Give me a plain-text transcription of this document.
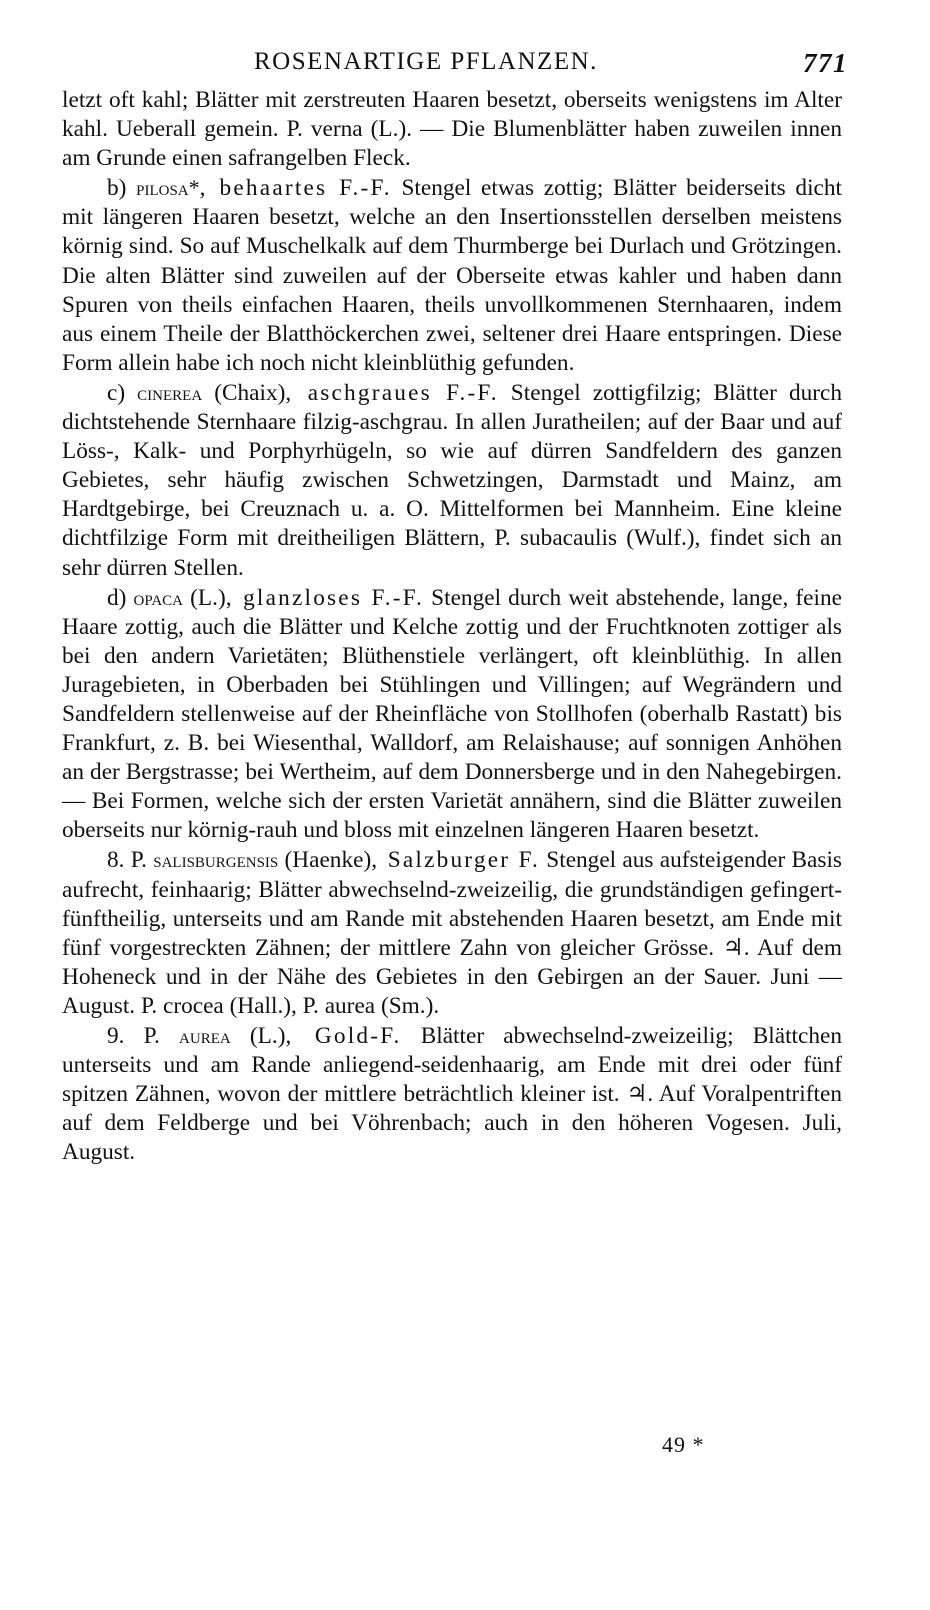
ROSENARTIGE PFLANZEN.	771

letzt oft kahl; Blätter mit zerstreuten Haaren besetzt, oberseits wenigstens im Alter kahl. Ueberall gemein. P. verna (L.). — Die Blumenblätter haben zuweilen innen am Grunde einen safrangelben Fleck.

b) pilosa*, behaartes F.-F. Stengel etwas zottig; Blätter beiderseits dicht mit längeren Haaren besetzt, welche an den Insertionsstellen derselben meistens körnig sind. So auf Muschelkalk auf dem Thurmberge bei Durlach und Grötzingen. Die alten Blätter sind zuweilen auf der Oberseite etwas kahler und haben dann Spuren von theils einfachen Haaren, theils unvollkommenen Sternhaaren, indem aus einem Theile der Blatthöckerchen zwei, seltener drei Haare entspringen. Diese Form allein habe ich noch nicht kleinblüthig gefunden.

c) cinerea (Chaix), aschgraues F.-F. Stengel zottigfilzig; Blätter durch dichtstehende Sternhaare filzig-aschgrau. In allen Juratheilen; auf der Baar und auf Löss-, Kalk- und Porphyrhügeln, so wie auf dürren Sandfeldern des ganzen Gebietes, sehr häufig zwischen Schwetzingen, Darmstadt und Mainz, am Hardtgebirge, bei Creuznach u. a. O. Mittelformen bei Mannheim. Eine kleine dichtfilzige Form mit dreitheiligen Blättern, P. subacaulis (Wulf.), findet sich an sehr dürren Stellen.

d) opaca (L.), glanzloses F.-F. Stengel durch weit abstehende, lange, feine Haare zottig, auch die Blätter und Kelche zottig und der Fruchtknoten zottiger als bei den andern Varietäten; Blüthenstiele verlängert, oft kleinblüthig. In allen Juragebieten, in Oberbaden bei Stühlingen und Villingen; auf Wegrändern und Sandfeldern stellenweise auf der Rheinfläche von Stollhofen (oberhalb Rastatt) bis Frankfurt, z. B. bei Wiesenthal, Walldorf, am Relaishause; auf sonnigen Anhöhen an der Bergstrasse; bei Wertheim, auf dem Donnersberge und in den Nahegebirgen. — Bei Formen, welche sich der ersten Varietät annähern, sind die Blätter zuweilen oberseits nur körnig-rauh und bloss mit einzelnen längeren Haaren besetzt.

8. P. salisburgensis (Haenke), Salzburger F. Stengel aus aufsteigender Basis aufrecht, feinhaarig; Blätter abwechselnd-zweizeilig, die grundständigen gefingert-fünftheilig, unterseits und am Rande mit abstehenden Haaren besetzt, am Ende mit fünf vorgestreckten Zähnen; der mittlere Zahn von gleicher Grösse. ♃. Auf dem Hoheneck und in der Nähe des Gebietes in den Gebirgen an der Sauer. Juni — August. P. crocea (Hall.), P. aurea (Sm.).

9. P. aurea (L.), Gold-F. Blätter abwechselnd-zweizeilig; Blättchen unterseits und am Rande anliegend-seidenhaarig, am Ende mit drei oder fünf spitzen Zähnen, wovon der mittlere beträchtlich kleiner ist. ♃. Auf Voralpentriften auf dem Feldberge und bei Vöhrenbach; auch in den höheren Vogesen. Juli, August.

49 *
